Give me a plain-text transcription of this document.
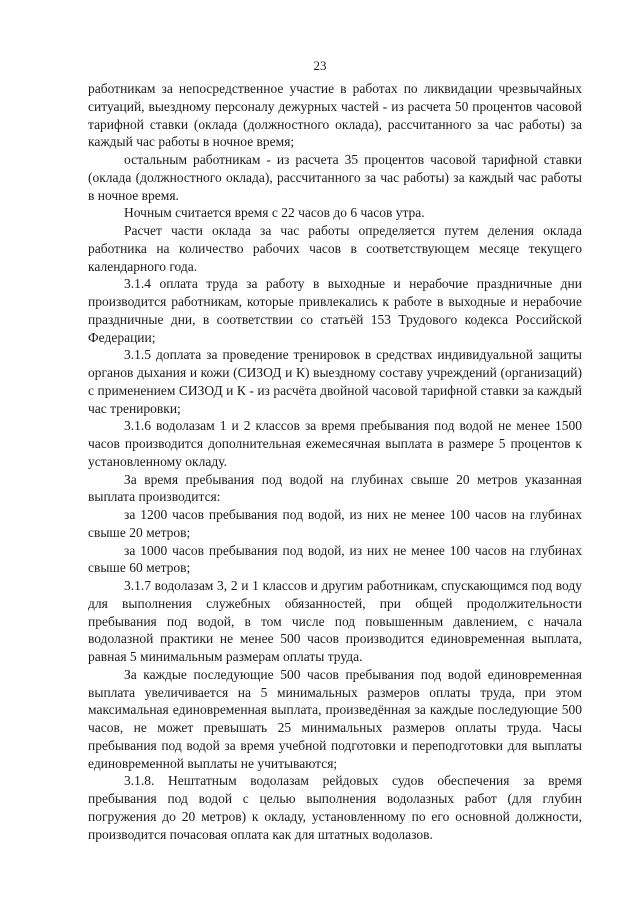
23

работникам за непосредственное участие в работах по ликвидации чрезвычайных ситуаций, выездному персоналу дежурных частей - из расчета 50 процентов часовой тарифной ставки (оклада (должностного оклада), рассчитанного за час работы) за каждый час работы в ночное время;

остальным работникам - из расчета 35 процентов часовой тарифной ставки (оклада (должностного оклада), рассчитанного за час работы) за каждый час работы в ночное время.

Ночным считается время с 22 часов до 6 часов утра.

Расчет части оклада за час работы определяется путем деления оклада работника на количество рабочих часов в соответствующем месяце текущего календарного года.

3.1.4 оплата труда за работу в выходные и нерабочие праздничные дни производится работникам, которые привлекались к работе в выходные и нерабочие праздничные дни, в соответствии со статьёй 153 Трудового кодекса Российской Федерации;

3.1.5 доплата за проведение тренировок в средствах индивидуальной защиты органов дыхания и кожи (СИЗОД и К) выездному составу учреждений (организаций) с применением СИЗОД и К - из расчёта двойной часовой тарифной ставки за каждый час тренировки;

3.1.6 водолазам 1 и 2 классов за время пребывания под водой не менее 1500 часов производится дополнительная ежемесячная выплата в размере 5 процентов к установленному окладу.

За время пребывания под водой на глубинах свыше 20 метров указанная выплата производится:

за 1200 часов пребывания под водой, из них не менее 100 часов на глубинах свыше 20 метров;

за 1000 часов пребывания под водой, из них не менее 100 часов на глубинах свыше 60 метров;

3.1.7 водолазам 3, 2 и 1 классов и другим работникам, спускающимся под воду для выполнения служебных обязанностей, при общей продолжительности пребывания под водой, в том числе под повышенным давлением, с начала водолазной практики не менее 500 часов производится единовременная выплата, равная 5 минимальным размерам оплаты труда.

За каждые последующие 500 часов пребывания под водой единовременная выплата увеличивается на 5 минимальных размеров оплаты труда, при этом максимальная единовременная выплата, произведённая за каждые последующие 500 часов, не может превышать 25 минимальных размеров оплаты труда. Часы пребывания под водой за время учебной подготовки и переподготовки для выплаты единовременной выплаты не учитываются;

3.1.8. Нештатным водолазам рейдовых судов обеспечения за время пребывания под водой с целью выполнения водолазных работ (для глубин погружения до 20 метров) к окладу, установленному по его основной должности, производится почасовая оплата как для штатных водолазов.
